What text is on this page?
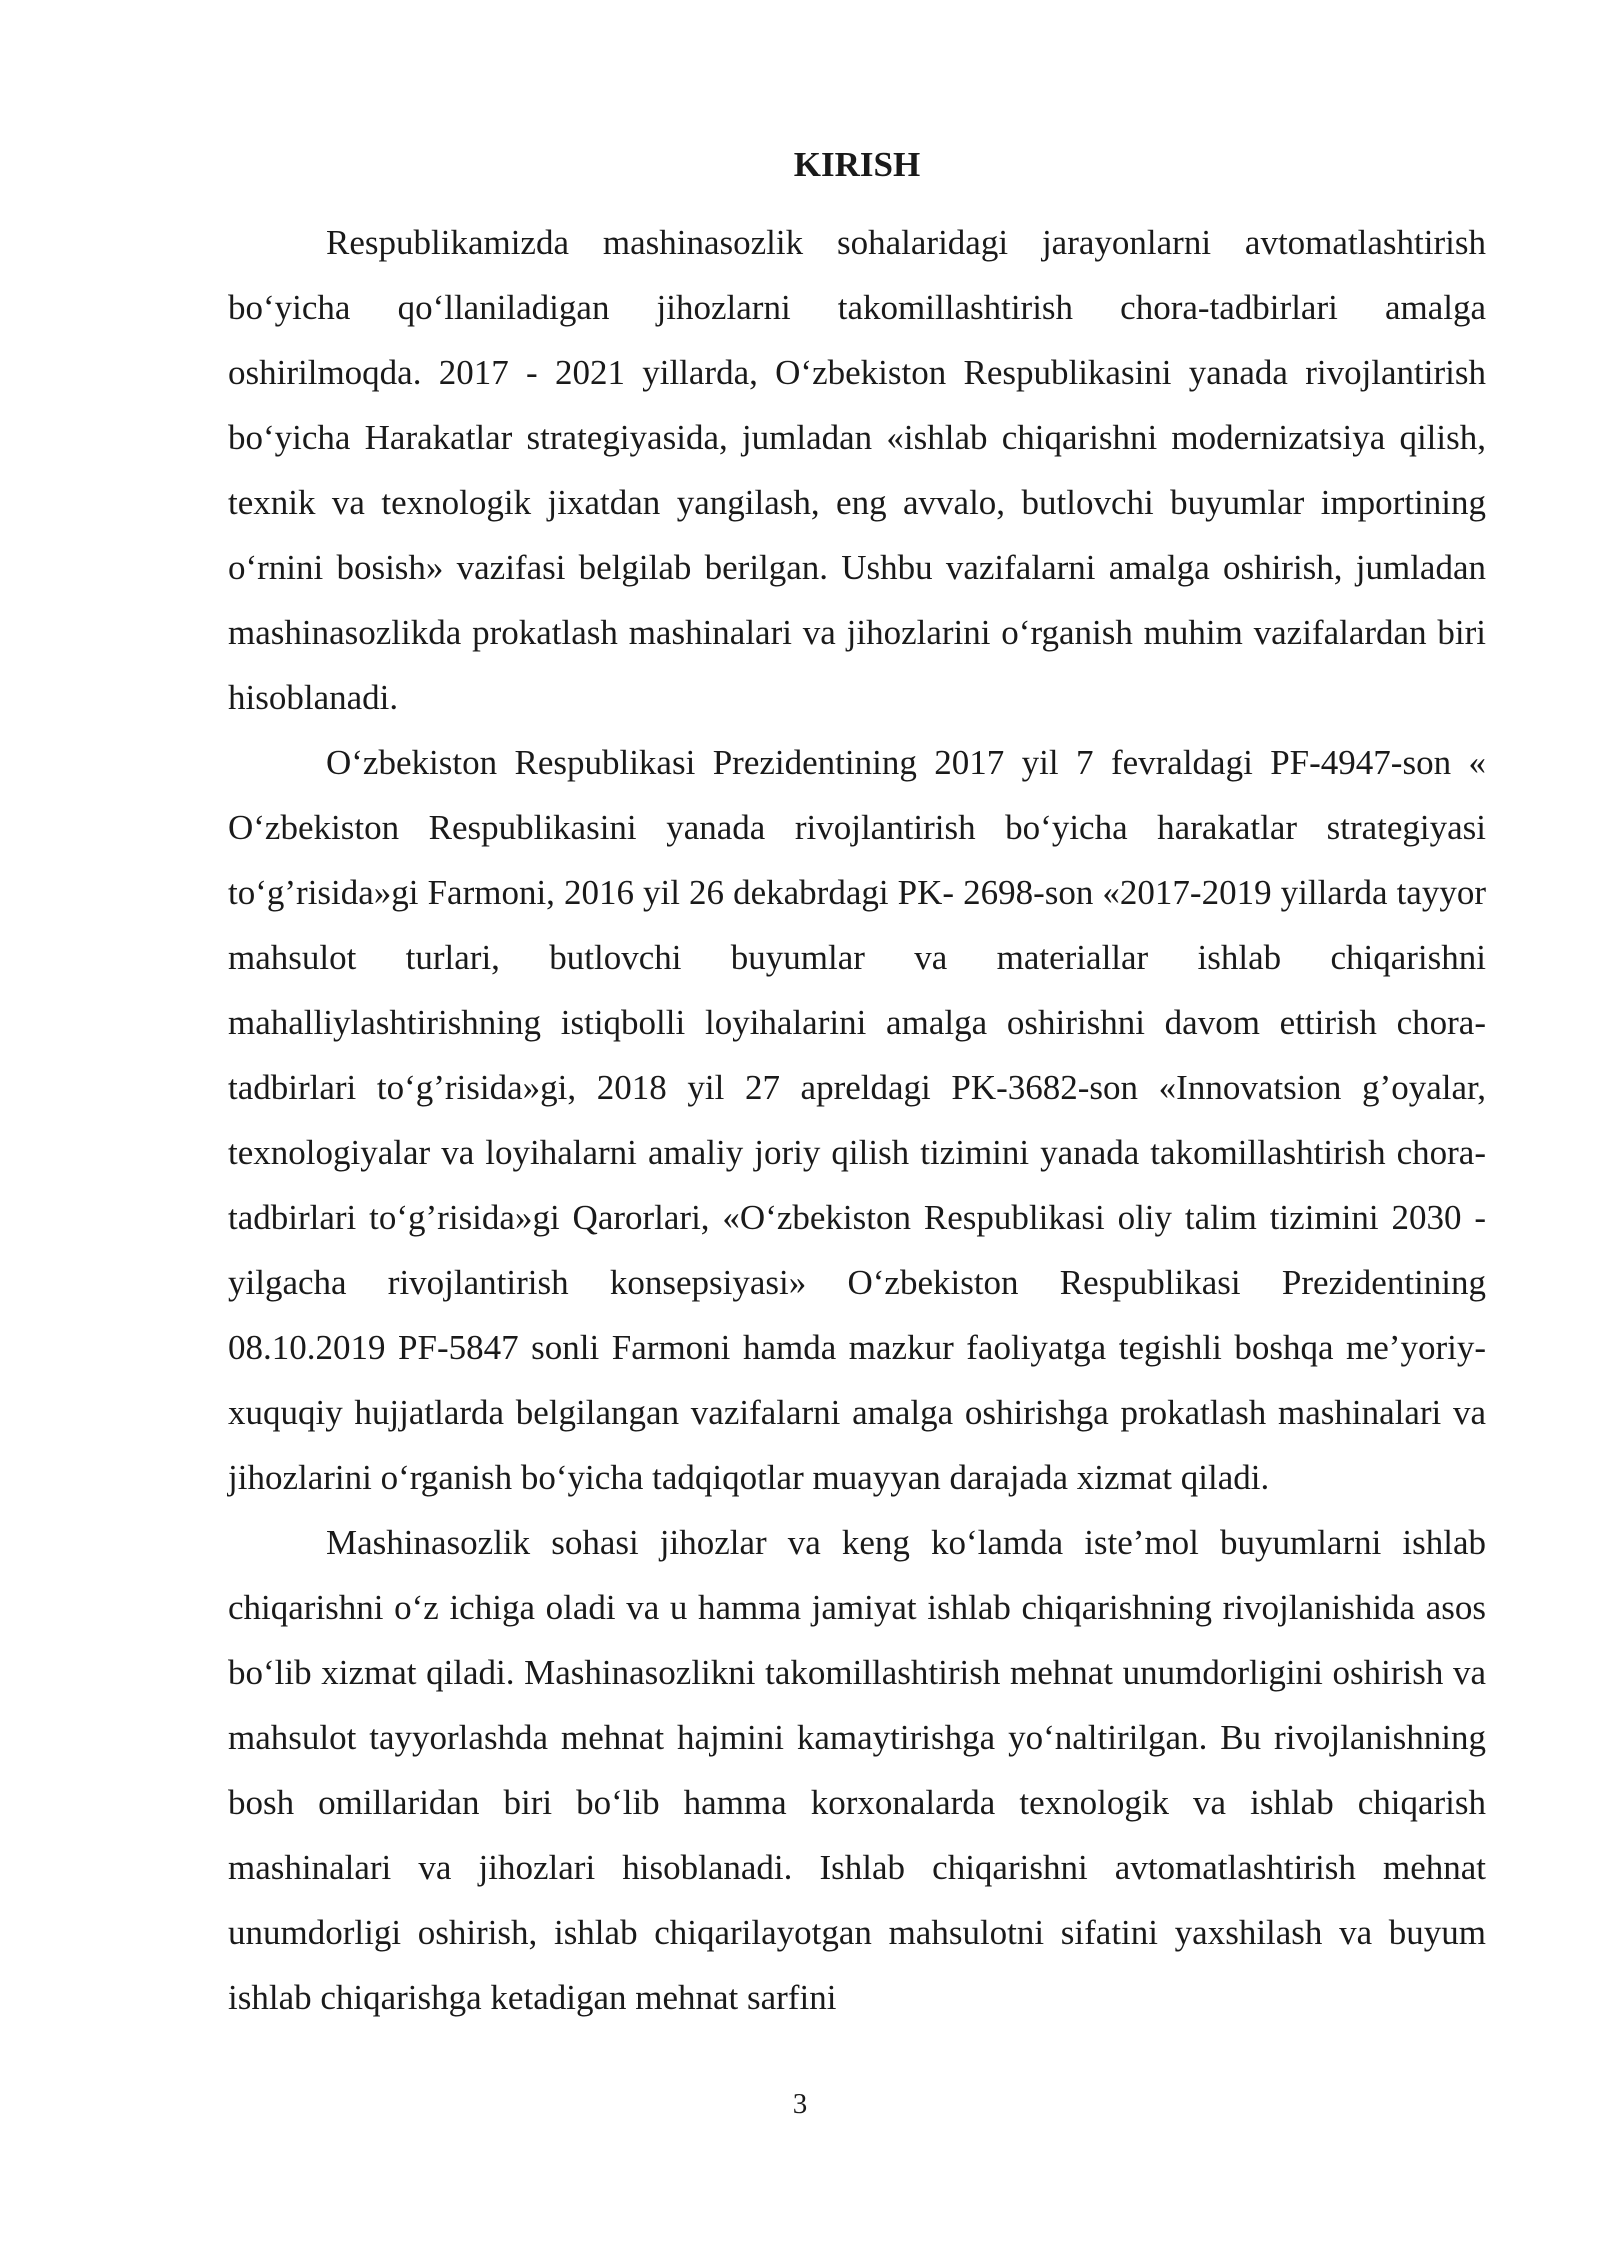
KIRISH

Respublikamizda mashinasozlik sohalaridagi jarayonlarni avtomatlashtirish bo‘yicha qo‘llaniladigan jihozlarni takomillashtirish chora-tadbirlari amalga oshirilmoqda. 2017 - 2021 yillarda, O‘zbekiston Respublikasini yanada rivojlantirish bo‘yicha Harakatlar strategiyasida, jumladan «ishlab chiqarishni modernizatsiya qilish, texnik va texnologik jixatdan yangilash, eng avvalo, butlovchi buyumlar importining o‘rnini bosish» vazifasi belgilab berilgan. Ushbu vazifalarni amalga oshirish, jumladan mashinasozlikda prokatlash mashinalari va jihozlarini o‘rganish muhim vazifalardan biri hisoblanadi.

O‘zbekiston Respublikasi Prezidentining 2017 yil 7 fevraldagi PF-4947-son « O‘zbekiston Respublikasini yanada rivojlantirish bo‘yicha harakatlar strategiyasi to‘g’risida»gi Farmoni, 2016 yil 26 dekabrdagi PK- 2698-son «2017-2019 yillarda tayyor mahsulot turlari, butlovchi buyumlar va materiallar ishlab chiqarishni mahalliylashtirishning istiqbolli loyihalarini amalga oshirishni davom ettirish chora-tadbirlari to‘g’risida»gi, 2018 yil 27 apreldagi PK-3682-son «Innovatsion g’oyalar, texnologiyalar va loyihalarni amaliy joriy qilish tizimini yanada takomillashtirish chora-tadbirlari to‘g’risida»gi Qarorlari, «O‘zbekiston Respublikasi oliy talim tizimini 2030 - yilgacha rivojlantirish konsepsiyasi» O‘zbekiston Respublikasi Prezidentining 08.10.2019 PF-5847 sonli Farmoni hamda mazkur faoliyatga tegishli boshqa me’yoriy-xuquqiy hujjatlarda belgilangan vazifalarni amalga oshirishga prokatlash mashinalari va jihozlarini o‘rganish bo‘yicha tadqiqotlar muayyan darajada xizmat qiladi.

Mashinasozlik sohasi jihozlar va keng ko‘lamda iste’mol buyumlarni ishlab chiqarishni o‘z ichiga oladi va u hamma jamiyat ishlab chiqarishning rivojlanishida asos bo‘lib xizmat qiladi. Mashinasozlikni takomillashtirish mehnat unumdorligini oshirish va mahsulot tayyorlashda mehnat hajmini kamaytirishga yo‘naltirilgan. Bu rivojlanishning bosh omillaridan biri bo‘lib hamma korxonalarda texnologik va ishlab chiqarish mashinalari va jihozlari hisoblanadi. Ishlab chiqarishni avtomatlashtirish mehnat unumdorligi oshirish, ishlab chiqarilayotgan mahsulotni sifatini yaxshilash va buyum ishlab chiqarishga ketadigan mehnat sarfini

3
